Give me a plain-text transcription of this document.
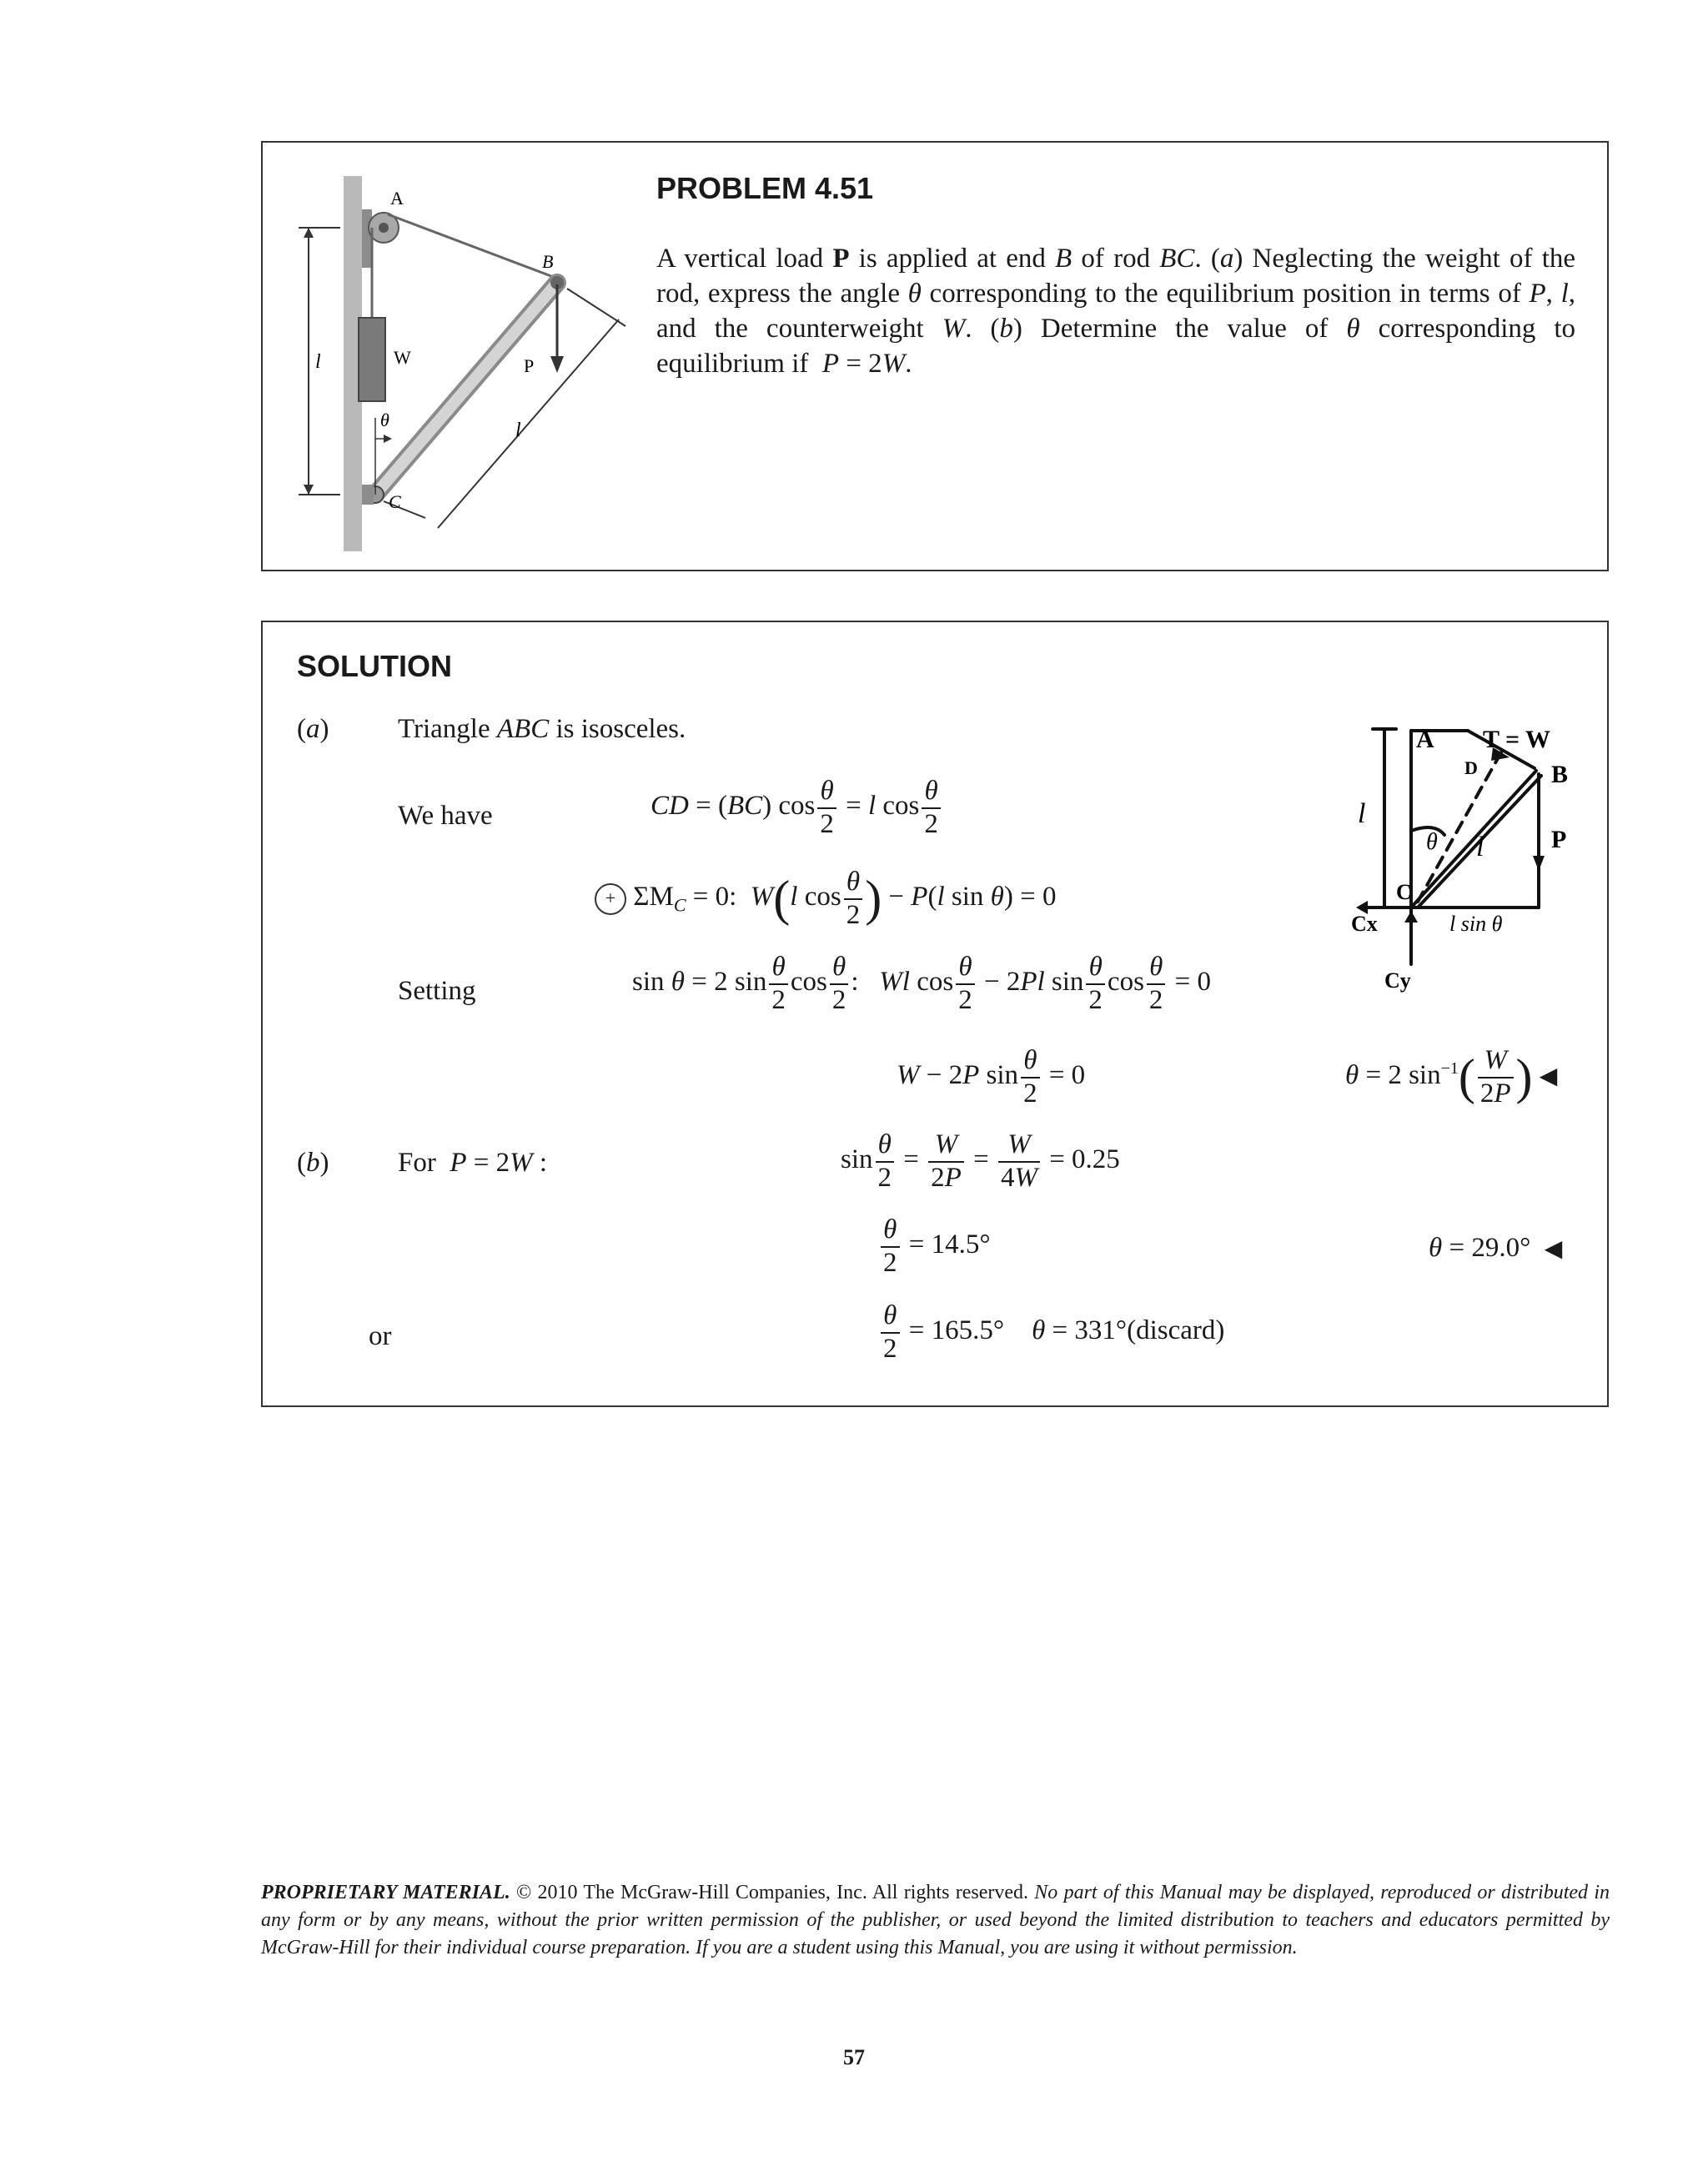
A
B
C
W	P
l
l
θ
PROBLEM 4.51
A vertical load P is applied at end B of rod BC. (a) Neglecting the weight of the rod, express the angle θ corresponding to the equilibrium position in terms of P, l, and the counterweight W. (b) Determine the value of θ corresponding to equilibrium if  P = 2W.
SOLUTION
(a)	Triangle ABC is isosceles.
We have	CD = (BC) $\cos \frac{\theta}{2} = l$ $\cos \frac{\theta}{2}$
+ $\Sigma M_C = 0$:  W(l $\cos \frac{\theta}{2}$ ) − P(l sin θ) = 0
Setting	sin θ = 2 $\sin \frac{\theta}{2}$ $\cos \frac{\theta}{2}$ :   Wl $\cos \frac{\theta}{2} - 2Pl$ $\sin \frac{\theta}{2}$ $\cos \frac{\theta}{2} = 0$
W − 2P $\sin \frac{\theta}{2} = 0$	θ = 2 $\sin^{-1}( \frac{W}{2P}$ ) ◀
(b)	For  P = 2W :	$\sin \frac{\theta}{2} = \frac{W}{2P} = \frac{W}{4W} = 0.25$
$\frac{\theta}{2} = 14.5^\circ$	θ = 29.0°  ◀
or	$\frac{\theta}{2} = 165.5^\circ$    θ = 331°(discard)
A T = W
D	B
P
l
l
θ
C
l sin θ
Cx
Cy
PROPRIETARY MATERIAL. © 2010 The McGraw-Hill Companies, Inc. All rights reserved. No part of this Manual may be displayed, reproduced or distributed in any form or by any means, without the prior written permission of the publisher, or used beyond the limited distribution to teachers and educators permitted by McGraw-Hill for their individual course preparation. If you are a student using this Manual, you are using it without permission.
57
